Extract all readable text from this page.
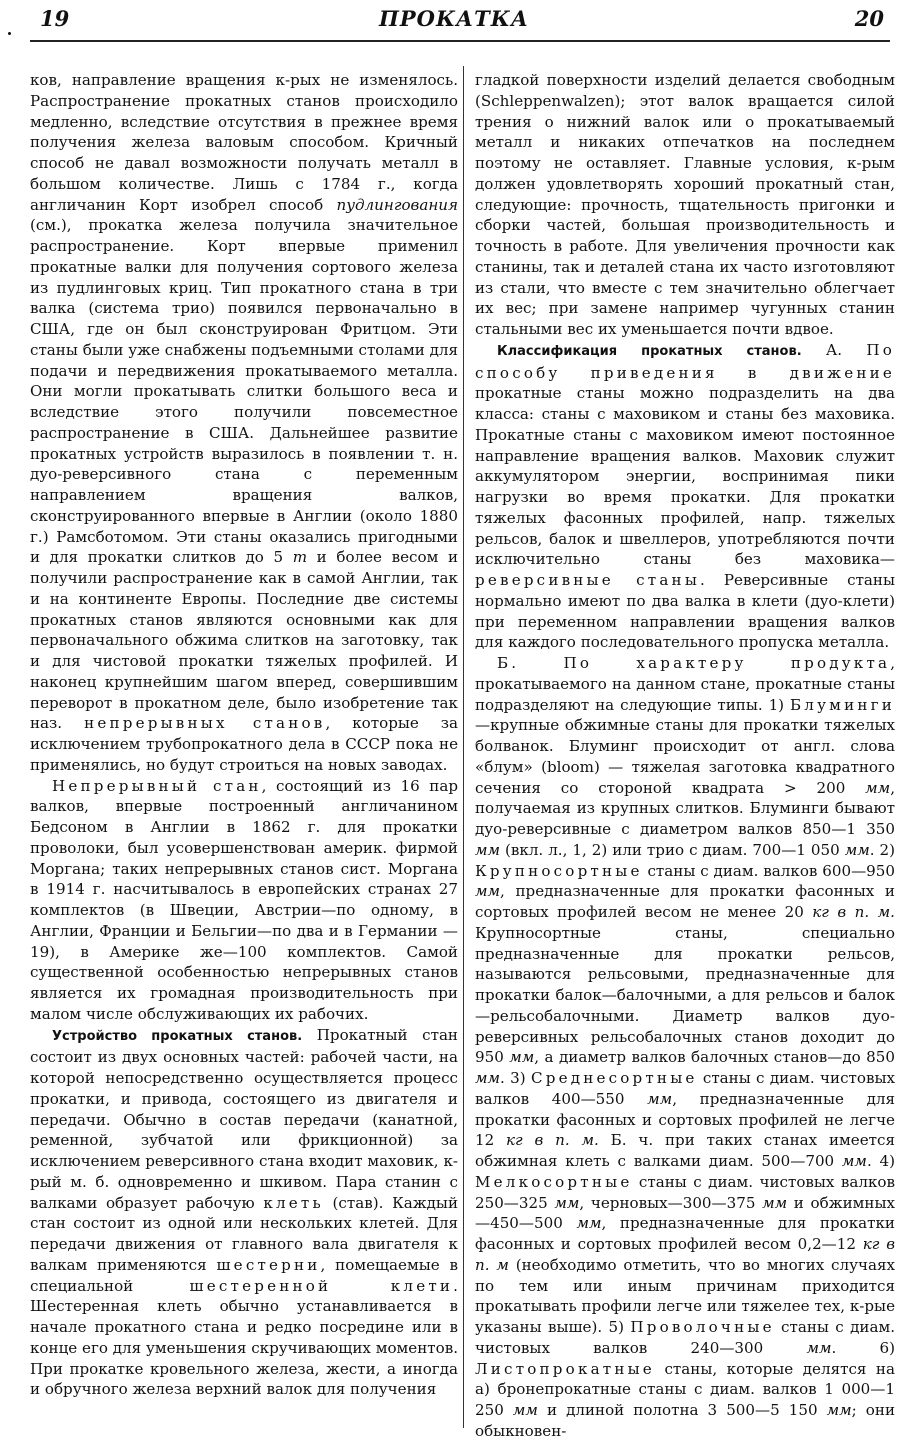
19	ПРОКАТКА	20

ков, направление вращения к-рых не изменялось. Распространение прокатных станов происходило медленно, вследствие отсутствия в прежнее время получения железа валовым способом. Кричный способ не давал возможности получать металл в большом количестве. Лишь с 1784 г., когда англичанин Корт изобрел способ пудлингования (см.), прокатка железа получила значительное распространение. Корт впервые применил прокатные валки для получения сортового железа из пудлинговых криц. Тип прокатного стана в три валка (система трио) появился первоначально в США, где он был сконструирован Фритцом. Эти станы были уже снабжены подъемными столами для подачи и передвижения прокатываемого металла. Они могли прокатывать слитки большого веса и вследствие этого получили повсеместное распространение в США. Дальнейшее развитие прокатных устройств выразилось в появлении т. н. дуо-реверсивного стана с переменным направлением вращения валков, сконструированного впервые в Англии (около 1880 г.) Рамсботомом. Эти станы оказались пригодными и для прокатки слитков до 5 т и более весом и получили распространение как в самой Англии, так и на континенте Европы. Последние две системы прокатных станов являются основными как для первоначального обжима слитков на заготовку, так и для чистовой прокатки тяжелых профилей. И наконец крупнейшим шагом вперед, совершившим переворот в прокатном деле, было изобретение так наз. непрерывных станов, которые за исключением трубопрокатного дела в СССР пока не применялись, но будут строиться на новых заводах.

Непрерывный стан, состоящий из 16 пар валков, впервые построенный англичанином Бедсоном в Англии в 1862 г. для прокатки проволоки, был усовершенствован америк. фирмой Моргана; таких непрерывных станов сист. Моргана в 1914 г. насчитывалось в европейских странах 27 комплектов (в Швеции, Австрии—по одному, в Англии, Франции и Бельгии—по два и в Германии — 19), в Америке же—100 комплектов. Самой существенной особенностью непрерывных станов является их громадная производительность при малом числе обслуживающих их рабочих.

Устройство прокатных станов. Прокатный стан состоит из двух основных частей: рабочей части, на которой непосредственно осуществляется процесс прокатки, и привода, состоящего из двигателя и передачи. Обычно в состав передачи (канатной, ременной, зубчатой или фрикционной) за исключением реверсивного стана входит маховик, к-рый м. б. одновременно и шкивом. Пара станин с валками образует рабочую клеть (став). Каждый стан состоит из одной или нескольких клетей. Для передачи движения от главного вала двигателя к валкам применяются шестерни, помещаемые в специальной шестеренной клети. Шестеренная клеть обычно устанавливается в начале прокатного стана и редко посредине или в конце его для уменьшения скручивающих моментов. При прокатке кровельного железа, жести, а иногда и обручного железа верхний валок для получения

гладкой поверхности изделий делается свободным (Schleppenwalzen); этот валок вращается силой трения о нижний валок или о прокатываемый металл и никаких отпечатков на последнем поэтому не оставляет. Главные условия, к-рым должен удовлетворять хороший прокатный стан, следующие: прочность, тщательность пригонки и сборки частей, большая производительность и точность в работе. Для увеличения прочности как станины, так и деталей стана их часто изготовляют из стали, что вместе с тем значительно облегчает их вес; при замене например чугунных станин стальными вес их уменьшается почти вдвое.

Классификация прокатных станов. А. По способу приведения в движение прокатные станы можно подразделить на два класса: станы с маховиком и станы без маховика. Прокатные станы с маховиком имеют постоянное направление вращения валков. Маховик служит аккумулятором энергии, воспринимая пики нагрузки во время прокатки. Для прокатки тяжелых фасонных профилей, напр. тяжелых рельсов, балок и швеллеров, употребляются почти исключительно станы без маховика—реверсивные станы. Реверсивные станы нормально имеют по два валка в клети (дуо-клети) при переменном направлении вращения валков для каждого последовательного пропуска металла.

Б. По характеру продукта, прокатываемого на данном стане, прокатные станы подразделяют на следующие типы. 1) Блуминги—крупные обжимные станы для прокатки тяжелых болванок. Блуминг происходит от англ. слова «блум» (bloom) — тяжелая заготовка квадратного сечения со стороной квадрата > 200 мм, получаемая из крупных слитков. Блуминги бывают дуо-реверсивные с диаметром валков 850—1 350 мм (вкл. л., 1, 2) или трио с диам. 700—1 050 мм. 2) Крупносортные станы с диам. валков 600—950 мм, предназначенные для прокатки фасонных и сортовых профилей весом не менее 20 кг в п. м. Крупносортные станы, специально предназначенные для прокатки рельсов, называются рельсовыми, предназначенные для прокатки балок—балочными, а для рельсов и балок—рельсобалочными. Диаметр валков дуо-реверсивных рельсобалочных станов доходит до 950 мм, а диаметр валков балочных станов—до 850 мм. 3) Среднесортные станы с диам. чистовых валков 400—550 мм, предназначенные для прокатки фасонных и сортовых профилей не легче 12 кг в п. м. Б. ч. при таких станах имеется обжимная клеть с валками диам. 500—700 мм. 4) Мелкосортные станы с диам. чистовых валков 250—325 мм, черновых—300—375 мм и обжимных—450—500 мм, предназначенные для прокатки фасонных и сортовых профилей весом 0,2—12 кг в п. м (необходимо отметить, что во многих случаях по тем или иным причинам приходится прокатывать профили легче или тяжелее тех, к-рые указаны выше). 5) Проволочные станы с диам. чистовых валков 240—300 мм. 6) Листопрокатные станы, которые делятся на а) бронепрокатные станы с диам. валков 1 000—1 250 мм и длиной полотна 3 500—5 150 мм; они обыкновен-
